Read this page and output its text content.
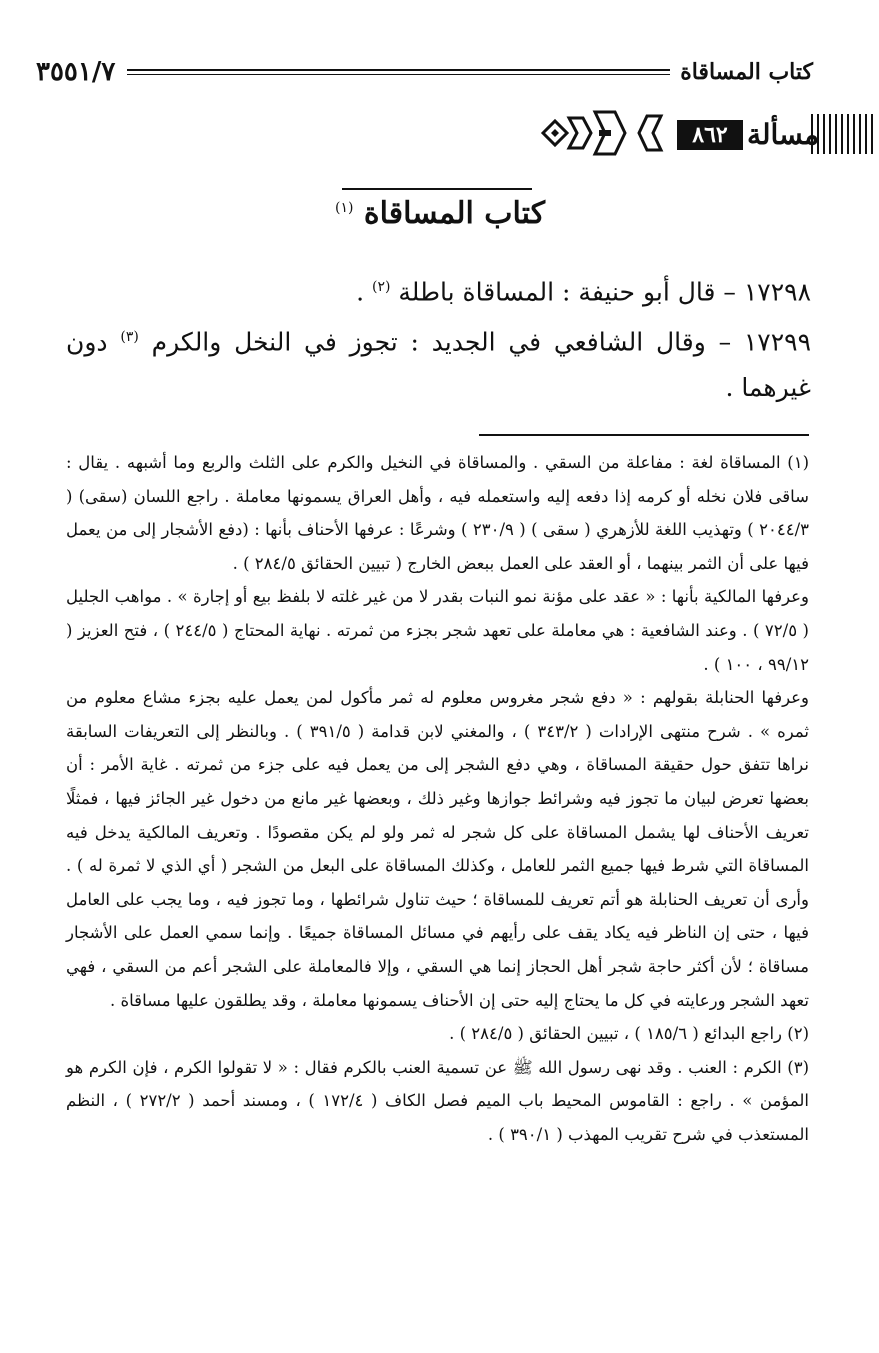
كتاب المساقاة
٣٥٥١/٧
٨٦٢ مسألة
كتاب المساقاة $^{(١)}$
١٧٢٩٨ – قال أبو حنيفة : المساقاة باطلة $^{(٢)}$ .
١٧٢٩٩ – وقال الشافعي في الجديد : تجوز في النخل والكرم $^{(٣)}$ دون غيرهما .

(١) المساقاة لغة : مفاعلة من السقي . والمساقاة في النخيل والكرم على الثلث والربع وما أشبهه . يقال : ساقى فلان نخله أو كرمه إذا دفعه إليه واستعمله فيه ، وأهل العراق يسمونها معاملة . راجع اللسان (سقى) ( ٢٠٤٤/٣ ) وتهذيب اللغة للأزهري ( سقى ) ( ٢٣٠/٩ ) وشرعًا : عرفها الأحناف بأنها : (دفع الأشجار إلى من يعمل فيها على أن الثمر بينهما ، أو العقد على العمل ببعض الخارج ( تبيين الحقائق ٢٨٤/٥ ) .

وعرفها المالكية بأنها : « عقد على مؤنة نمو النبات بقدر لا من غير غلته لا بلفظ بيع أو إجارة » . مواهب الجليل ( ٧٢/٥ ) . وعند الشافعية : هي معاملة على تعهد شجر بجزء من ثمرته . نهاية المحتاج ( ٢٤٤/٥ ) ، فتح العزيز ( ٩٩/١٢ ، ١٠٠ ) .

وعرفها الحنابلة بقولهم : « دفع شجر مغروس معلوم له ثمر مأكول لمن يعمل عليه بجزء مشاع معلوم من ثمره » . شرح منتهى الإرادات ( ٣٤٣/٢ ) ، والمغني لابن قدامة ( ٣٩١/٥ ) . وبالنظر إلى التعريفات السابقة نراها تتفق حول حقيقة المساقاة ، وهي دفع الشجر إلى من يعمل فيه على جزء من ثمرته . غاية الأمر : أن بعضها تعرض لبيان ما تجوز فيه وشرائط جوازها وغير ذلك ، وبعضها غير مانع من دخول غير الجائز فيها ، فمثلًا تعريف الأحناف لها يشمل المساقاة على كل شجر له ثمر ولو لم يكن مقصودًا . وتعريف المالكية يدخل فيه المساقاة التي شرط فيها جميع الثمر للعامل ، وكذلك المساقاة على البعل من الشجر ( أي الذي لا ثمرة له ) . وأرى أن تعريف الحنابلة هو أتم تعريف للمساقاة ؛ حيث تناول شرائطها ، وما تجوز فيه ، وما يجب على العامل فيها ، حتى إن الناظر فيه يكاد يقف على رأيهم في مسائل المساقاة جميعًا . وإنما سمي العمل على الأشجار مساقاة ؛ لأن أكثر حاجة شجر أهل الحجاز إنما هي السقي ، وإلا فالمعاملة على الشجر أعم من السقي ، فهي تعهد الشجر ورعايته في كل ما يحتاج إليه حتى إن الأحناف يسمونها معاملة ، وقد يطلقون عليها مساقاة .

(٢) راجع البدائع ( ١٨٥/٦ ) ، تبيين الحقائق ( ٢٨٤/٥ ) .

(٣) الكرم : العنب . وقد نهى رسول الله ﷺ عن تسمية العنب بالكرم فقال : « لا تقولوا الكرم ، فإن الكرم هو المؤمن » . راجع : القاموس المحيط باب الميم فصل الكاف ( ١٧٢/٤ ) ، ومسند أحمد ( ٢٧٢/٢ ) ، النظم المستعذب في شرح تقريب المهذب ( ٣٩٠/١ ) .
